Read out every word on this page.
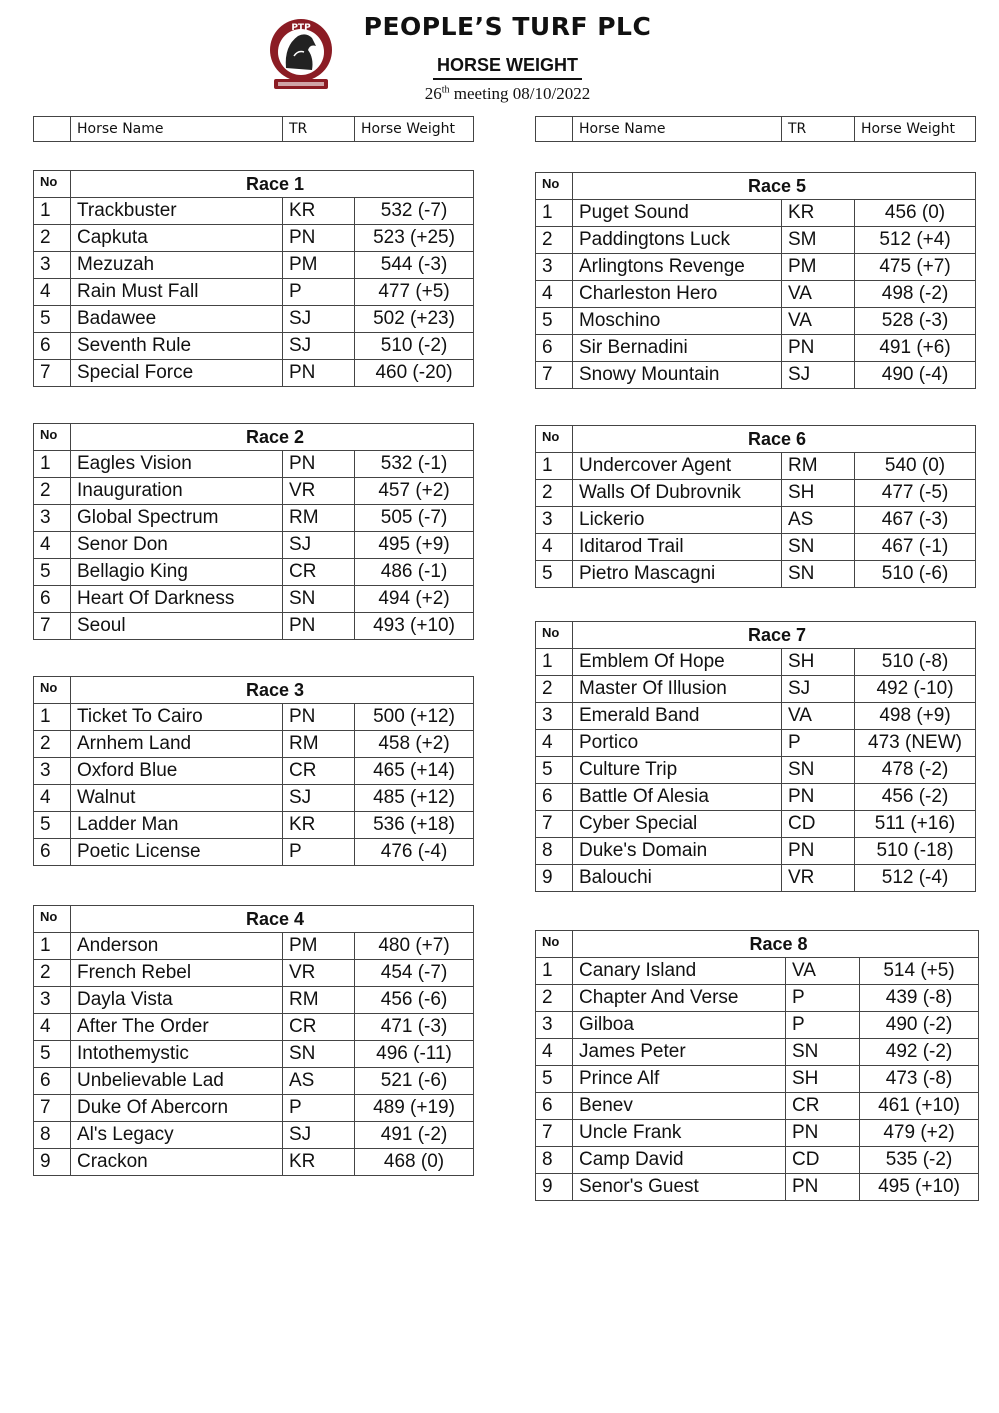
PTP	PEOPLE’S TURF PLC
HORSE WEIGHT
26th meeting 08/10/2022
	Horse Name	TR	Horse Weight
		Horse Name	TR	Horse Weight
No	Race 1		
1	Trackbuster	KR	532 (-7)
2	Capkuta	PN	523 (+25)
3	Mezuzah	PM	544 (-3)
4	Rain Must Fall	P	477 (+5)
5	Badawee	SJ	502 (+23)
6	Seventh Rule	SJ	510 (-2)
7	Special Force	PN	460 (-20)
No	Race 2		
1	Eagles Vision	PN	532 (-1)
2	Inauguration	VR	457 (+2)
3	Global Spectrum	RM	505 (-7)
4	Senor Don	SJ	495 (+9)
5	Bellagio King	CR	486 (-1)
6	Heart Of Darkness	SN	494 (+2)
7	Seoul	PN	493 (+10)
No	Race 3		
1	Ticket To Cairo	PN	500 (+12)
2	Arnhem Land	RM	458 (+2)
3	Oxford Blue	CR	465 (+14)
4	Walnut	SJ	485 (+12)
5	Ladder Man	KR	536 (+18)
6	Poetic License	P	476 (-4)
No	Race 4		
1	Anderson	PM	480 (+7)
2	French Rebel	VR	454 (-7)
3	Dayla Vista	RM	456 (-6)
4	After The Order	CR	471 (-3)
5	Intothemystic	SN	496 (-11)
6	Unbelievable Lad	AS	521 (-6)
7	Duke Of Abercorn	P	489 (+19)
8	Al's Legacy	SJ	491 (-2)
9	Crackon	KR	468 (0)
No	Race 5		
1	Puget Sound	KR	456 (0)
2	Paddingtons Luck	SM	512 (+4)
3	Arlingtons Revenge	PM	475 (+7)
4	Charleston Hero	VA	498 (-2)
5	Moschino	VA	528 (-3)
6	Sir Bernadini	PN	491 (+6)
7	Snowy Mountain	SJ	490 (-4)
No	Race 6		
1	Undercover Agent	RM	540 (0)
2	Walls Of Dubrovnik	SH	477 (-5)
3	Lickerio	AS	467 (-3)
4	Iditarod Trail	SN	467 (-1)
5	Pietro Mascagni	SN	510 (-6)
No	Race 7		
1	Emblem Of Hope	SH	510 (-8)
2	Master Of Illusion	SJ	492 (-10)
3	Emerald Band	VA	498 (+9)
4	Portico	P	473 (NEW)
5	Culture Trip	SN	478 (-2)
6	Battle Of Alesia	PN	456 (-2)
7	Cyber Special	CD	511 (+16)
8	Duke's Domain	PN	510 (-18)
9	Balouchi	VR	512 (-4)
No	Race 8		
1	Canary Island	VA	514 (+5)
2	Chapter And Verse	P	439 (-8)
3	Gilboa	P	490 (-2)
4	James Peter	SN	492 (-2)
5	Prince Alf	SH	473 (-8)
6	Benev	CR	461 (+10)
7	Uncle Frank	PN	479 (+2)
8	Camp David	CD	535 (-2)
9	Senor's Guest	PN	495 (+10)
